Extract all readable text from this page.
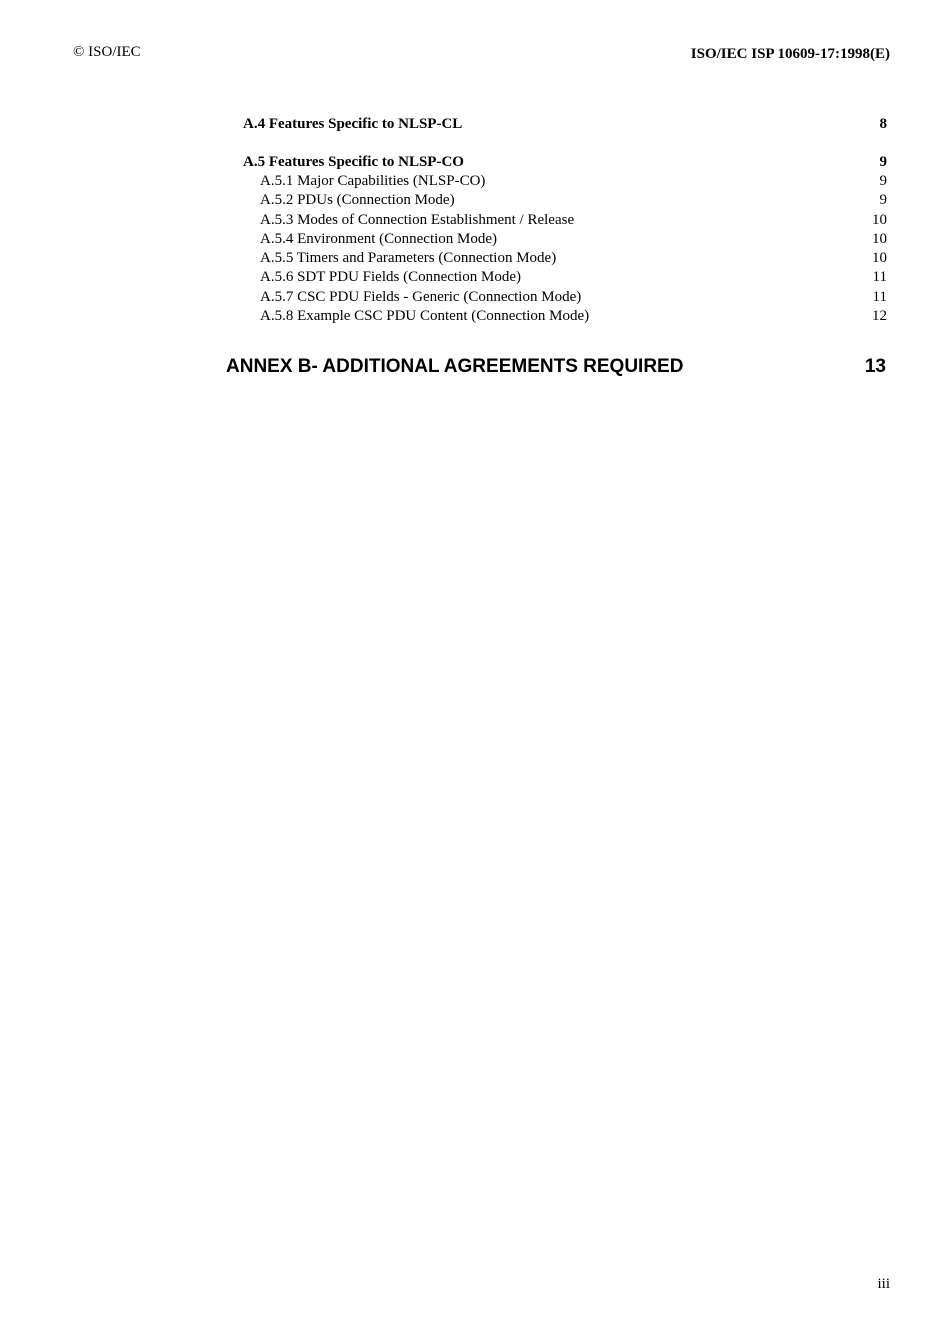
© ISO/IEC	ISO/IEC ISP 10609-17:1998(E)
A.4 Features Specific to NLSP-CL	8
A.5 Features Specific to NLSP-CO	9
A.5.1 Major Capabilities (NLSP-CO)	9
A.5.2 PDUs (Connection Mode)	9
A.5.3 Modes of Connection Establishment / Release	10
A.5.4 Environment (Connection Mode)	10
A.5.5 Timers and Parameters (Connection Mode)	10
A.5.6 SDT PDU Fields (Connection Mode)	11
A.5.7 CSC PDU Fields - Generic (Connection Mode)	11
A.5.8 Example CSC PDU Content (Connection Mode)	12
ANNEX B- ADDITIONAL AGREEMENTS REQUIRED	13
iii
